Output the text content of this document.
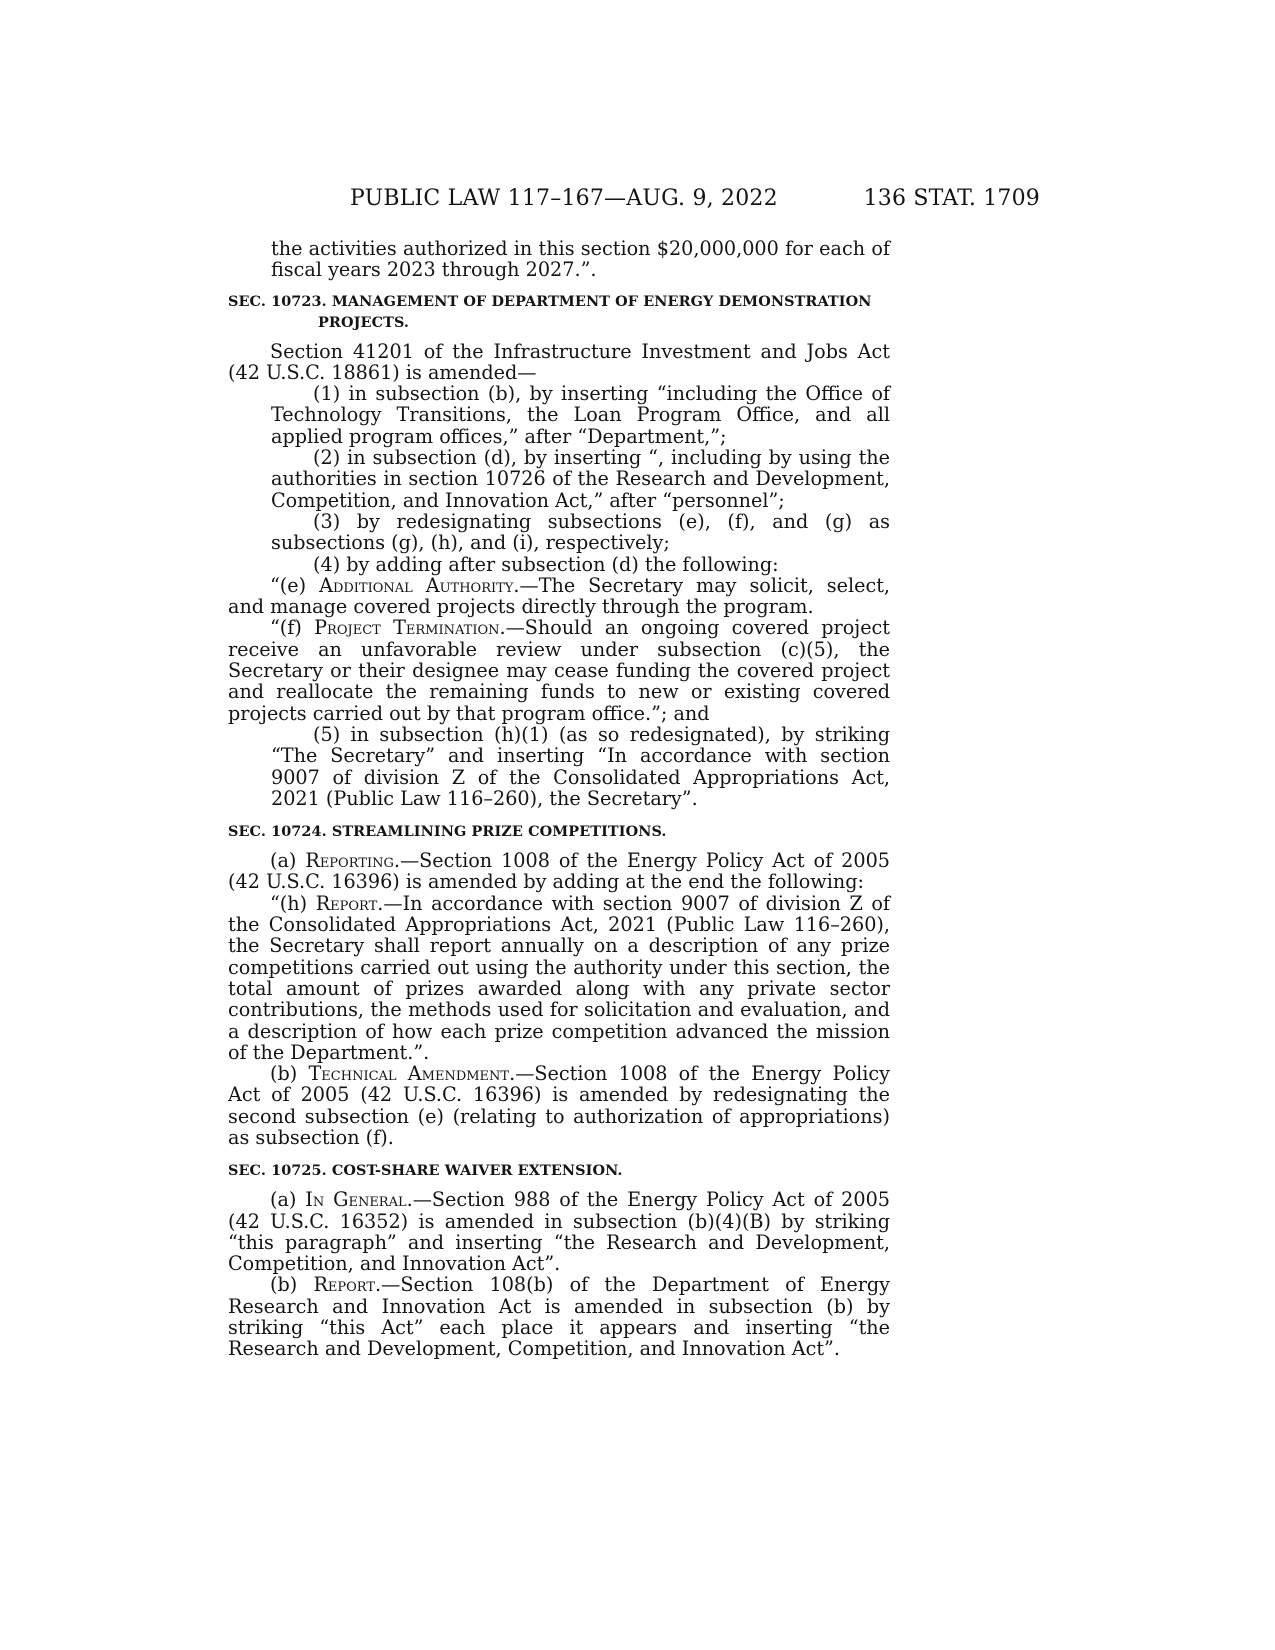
PUBLIC LAW 117–167—AUG. 9, 2022	136 STAT. 1709

the activities authorized in this section $20,000,000 for each of fiscal years 2023 through 2027.”.

SEC. 10723. MANAGEMENT OF DEPARTMENT OF ENERGY DEMONSTRATION PROJECTS.

Section 41201 of the Infrastructure Investment and Jobs Act (42 U.S.C. 18861) is amended—

(1) in subsection (b), by inserting “including the Office of Technology Transitions, the Loan Program Office, and all applied program offices,” after “Department,”;

(2) in subsection (d), by inserting “, including by using the authorities in section 10726 of the Research and Development, Competition, and Innovation Act,” after “personnel”;

(3) by redesignating subsections (e), (f), and (g) as subsections (g), (h), and (i), respectively;

(4) by adding after subsection (d) the following:

“(e) Additional Authority.—The Secretary may solicit, select, and manage covered projects directly through the program.

“(f) Project Termination.—Should an ongoing covered project receive an unfavorable review under subsection (c)(5), the Secretary or their designee may cease funding the covered project and reallocate the remaining funds to new or existing covered projects carried out by that program office.”; and

(5) in subsection (h)(1) (as so redesignated), by striking “The Secretary” and inserting “In accordance with section 9007 of division Z of the Consolidated Appropriations Act, 2021 (Public Law 116–260), the Secretary”.

SEC. 10724. STREAMLINING PRIZE COMPETITIONS.

(a) Reporting.—Section 1008 of the Energy Policy Act of 2005 (42 U.S.C. 16396) is amended by adding at the end the following:

“(h) Report.—In accordance with section 9007 of division Z of the Consolidated Appropriations Act, 2021 (Public Law 116–260), the Secretary shall report annually on a description of any prize competitions carried out using the authority under this section, the total amount of prizes awarded along with any private sector contributions, the methods used for solicitation and evaluation, and a description of how each prize competition advanced the mission of the Department.”.

(b) Technical Amendment.—Section 1008 of the Energy Policy Act of 2005 (42 U.S.C. 16396) is amended by redesignating the second subsection (e) (relating to authorization of appropriations) as subsection (f).

SEC. 10725. COST-SHARE WAIVER EXTENSION.

(a) In General.—Section 988 of the Energy Policy Act of 2005 (42 U.S.C. 16352) is amended in subsection (b)(4)(B) by striking “this paragraph” and inserting “the Research and Development, Competition, and Innovation Act”.

(b) Report.—Section 108(b) of the Department of Energy Research and Innovation Act is amended in subsection (b) by striking “this Act” each place it appears and inserting “the Research and Development, Competition, and Innovation Act”.
